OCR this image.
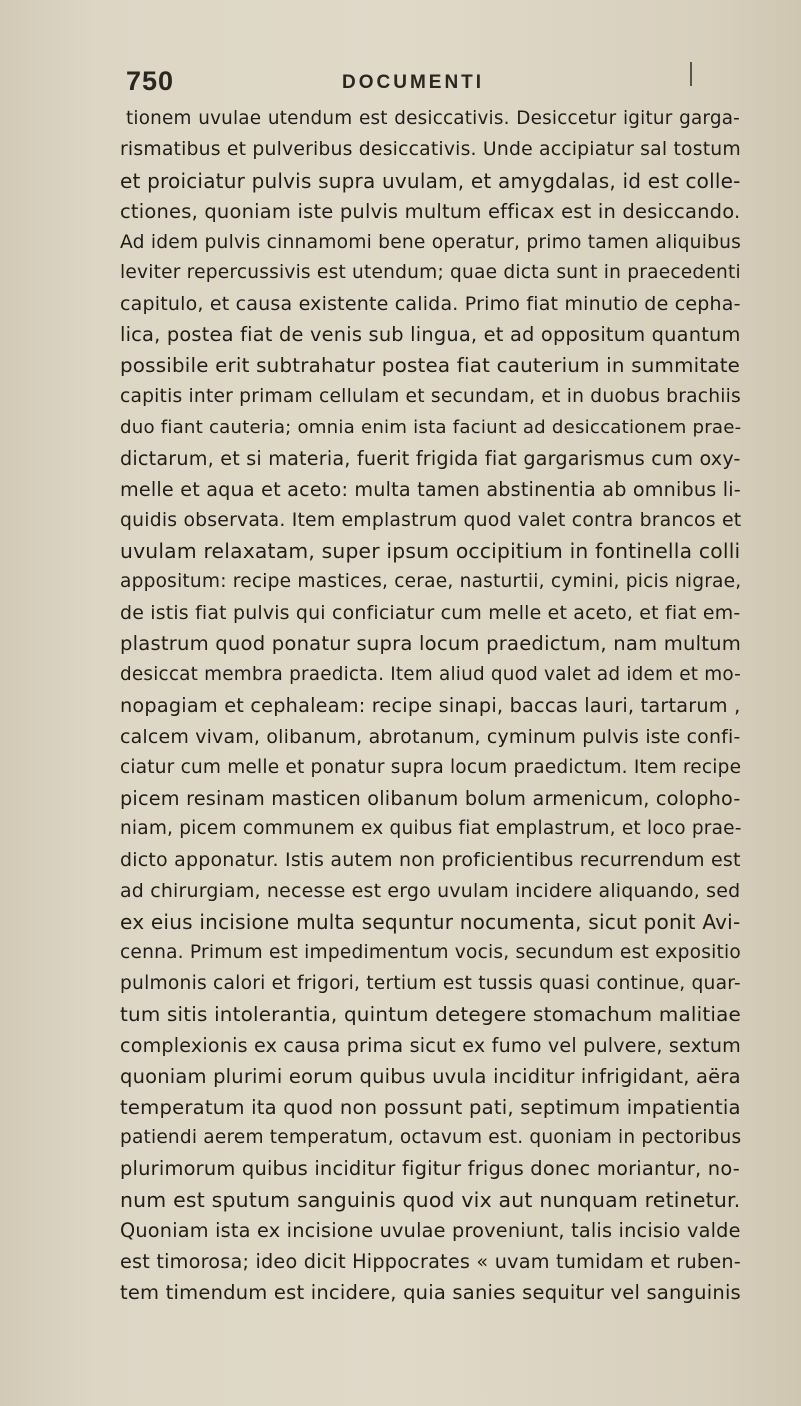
750	DOCUMENTI
tionem uvulae utendum est desiccativis. Desiccetur igitur garga-
rismatibus et pulveribus desiccativis. Unde accipiatur sal tostum
et proiciatur pulvis supra uvulam, et amygdalas, id est colle-
ctiones, quoniam iste pulvis multum efficax est in desiccando.
Ad idem pulvis cinnamomi bene operatur, primo tamen aliquibus
leviter repercussivis est utendum; quae dicta sunt in praecedenti
capitulo, et causa existente calida. Primo fiat minutio de cepha-
lica, postea fiat de venis sub lingua, et ad oppositum quantum
possibile erit subtrahatur postea fiat cauterium in summitate
capitis inter primam cellulam et secundam, et in duobus brachiis
duo fiant cauteria; omnia enim ista faciunt ad desiccationem prae-
dictarum, et si materia, fuerit frigida fiat gargarismus cum oxy-
melle et aqua et aceto: multa tamen abstinentia ab omnibus li-
quidis observata. Item emplastrum quod valet contra brancos et
uvulam relaxatam, super ipsum occipitium in fontinella colli
appositum: recipe mastices, cerae, nasturtii, cymini, picis nigrae,
de istis fiat pulvis qui conficiatur cum melle et aceto, et fiat em-
plastrum quod ponatur supra locum praedictum, nam multum
desiccat membra praedicta. Item aliud quod valet ad idem et mo-
nopagiam et cephaleam: recipe sinapi, baccas lauri, tartarum ,
calcem vivam, olibanum, abrotanum, cyminum pulvis iste confi-
ciatur cum melle et ponatur supra locum praedictum. Item recipe
picem resinam masticen olibanum bolum armenicum, colopho-
niam, picem communem ex quibus fiat emplastrum, et loco prae-
dicto apponatur. Istis autem non proficientibus recurrendum est
ad chirurgiam, necesse est ergo uvulam incidere aliquando, sed
ex eius incisione multa sequntur nocumenta, sicut ponit Avi-
cenna. Primum est impedimentum vocis, secundum est expositio
pulmonis calori et frigori, tertium est tussis quasi continue, quar-
tum sitis intolerantia, quintum detegere stomachum malitiae
complexionis ex causa prima sicut ex fumo vel pulvere, sextum
quoniam plurimi eorum quibus uvula inciditur infrigidant, aëra
temperatum ita quod non possunt pati, septimum impatientia
patiendi aerem temperatum, octavum est. quoniam in pectoribus
plurimorum quibus inciditur figitur frigus donec moriantur, no-
num est sputum sanguinis quod vix aut nunquam retinetur.
Quoniam ista ex incisione uvulae proveniunt, talis incisio valde
est timorosa; ideo dicit Hippocrates « uvam tumidam et ruben-
tem timendum est incidere, quia sanies sequitur vel sanguinis
